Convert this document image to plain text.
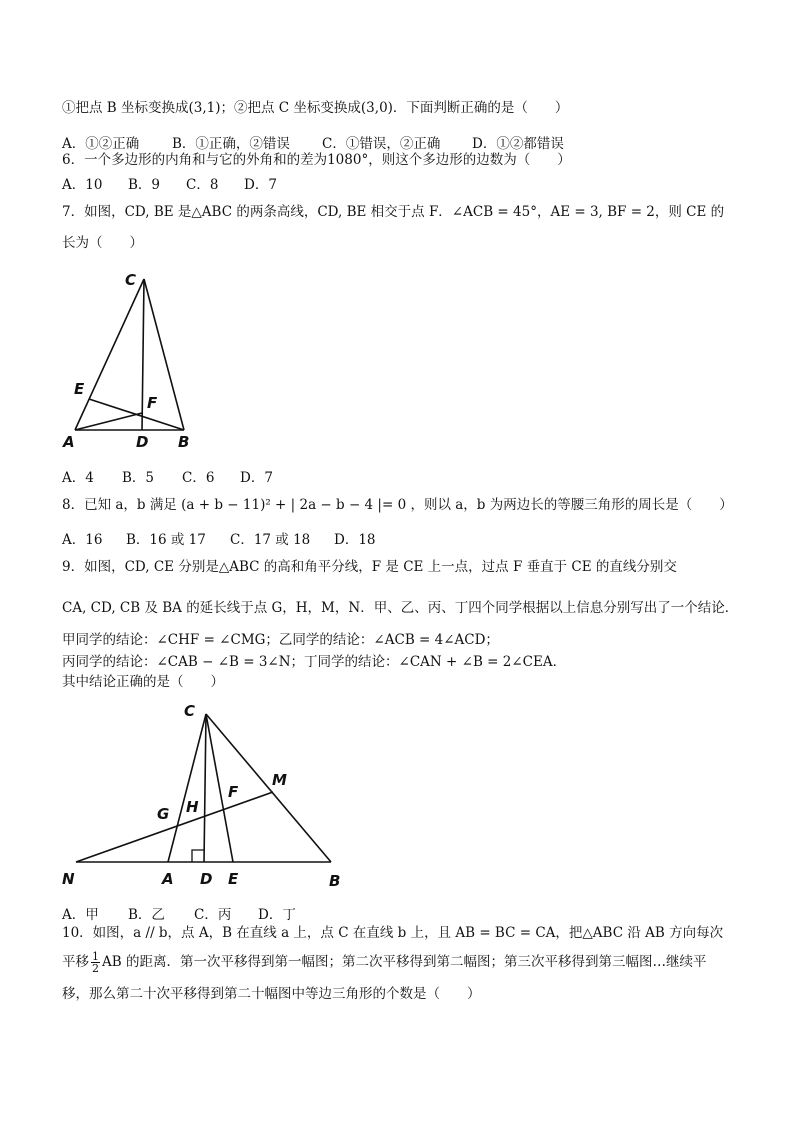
①把点 B 坐标变换成(3,1)；②把点 C 坐标变换成(3,0)．下面判断正确的是（　　）
A．①②正确 B．①正确，②错误 C．①错误，②正确 D．①②都错误
6．一个多边形的内角和与它的外角和的差为1080°，则这个多边形的边数为（　　）
A．10 B．9 C．8 D．7
7．如图，CD, BE 是△ABC 的两条高线，CD, BE 相交于点 F．∠ACB = 45°，AE = 3, BF = 2，则 CE 的
长为（　　）
C
E
F
A	D B
A．4 B．5 C．6 D．7
8．已知 a，b 满足 (a + b − 11)² + | 2a − b − 4 |= 0 ，则以 a，b 为两边长的等腰三角形的周长是（　　）
A．16 B．16 或 17 C．17 或 18 D．18
9．如图，CD, CE 分别是△ABC 的高和角平分线，F 是 CE 上一点，过点 F 垂直于 CE 的直线分别交
CA, CD, CB 及 BA 的延长线于点 G，H，M，N．甲、乙、丙、丁四个同学根据以上信息分别写出了一个结论．
甲同学的结论：∠CHF = ∠CMG；乙同学的结论：∠ACB = 4∠ACD；
丙同学的结论：∠CAB − ∠B = 3∠N；丁同学的结论：∠CAN + ∠B = 2∠CEA．
其中结论正确的是（　　）
C
M
F
G H
N	A D E	B
A．甲 B．乙 C．丙 D．丁
10．如图，a // b，点 A，B 在直线 a 上，点 C 在直线 b 上，且 AB = BC = CA，把△ABC 沿 AB 方向每次
平移 $\frac{1}{2}$ AB 的距离．第一次平移得到第一幅图；第二次平移得到第二幅图；第三次平移得到第三幅图…继续平
移，那么第二十次平移得到第二十幅图中等边三角形的个数是（　　）
